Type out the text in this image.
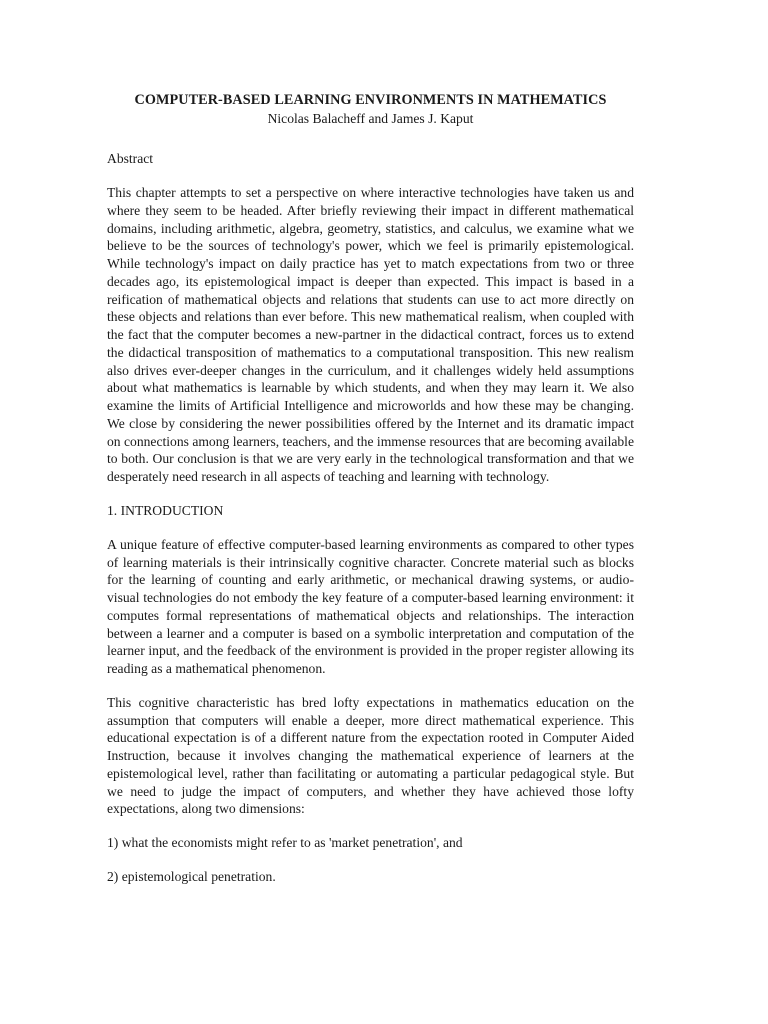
COMPUTER-BASED LEARNING ENVIRONMENTS IN MATHEMATICS

Nicolas Balacheff and James J. Kaput

Abstract

This chapter attempts to set a perspective on where interactive technologies have taken us and where they seem to be headed. After briefly reviewing their impact in different mathematical domains, including arithmetic, algebra, geometry, statistics, and calculus, we examine what we believe to be the sources of technology's power, which we feel is primarily epistemological. While technology's impact on daily practice has yet to match expectations from two or three decades ago, its epistemological impact is deeper than expected. This impact is based in a reification of mathematical objects and relations that students can use to act more directly on these objects and relations than ever before. This new mathematical realism, when coupled with the fact that the computer becomes a new-partner in the didactical contract, forces us to extend the didactical transposition of mathematics to a computational transposition. This new realism also drives ever-deeper changes in the curriculum, and it challenges widely held assumptions about what mathematics is learnable by which students, and when they may learn it. We also examine the limits of Artificial Intelligence and microworlds and how these may be changing. We close by considering the newer possibilities offered by the Internet and its dramatic impact on connections among learners, teachers, and the immense resources that are becoming available to both. Our conclusion is that we are very early in the technological transformation and that we desperately need research in all aspects of teaching and learning with technology.

1. INTRODUCTION

A unique feature of effective computer-based learning environments as compared to other types of learning materials is their intrinsically cognitive character. Concrete material such as blocks for the learning of counting and early arithmetic, or mechanical drawing systems, or audio-visual technologies do not embody the key feature of a computer-based learning environment: it computes formal representations of mathematical objects and relationships. The interaction between a learner and a computer is based on a symbolic interpretation and computation of the learner input, and the feedback of the environment is provided in the proper register allowing its reading as a mathematical phenomenon.

This cognitive characteristic has bred lofty expectations in mathematics education on the assumption that computers will enable a deeper, more direct mathematical experience. This educational expectation is of a different nature from the expectation rooted in Computer Aided Instruction, because it involves changing the mathematical experience of learners at the epistemological level, rather than facilitating or automating a particular pedagogical style. But we need to judge the impact of computers, and whether they have achieved those lofty expectations, along two dimensions:

1) what the economists might refer to as 'market penetration', and

2) epistemological penetration.
